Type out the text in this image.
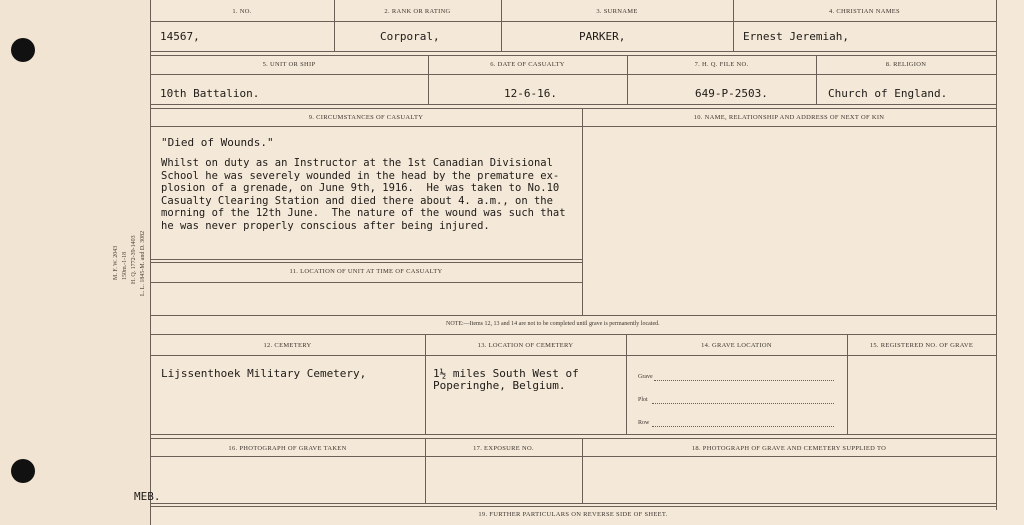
M. F. W. 2043 150m.-1-18 H. Q. 1772-39-1403 L. L. 1845-M. and D. 3082
1. NO.	2. RANK OR RATING	3. SURNAME	4. CHRISTIAN NAMES
14567,	Corporal,	PARKER,	Ernest Jeremiah,
5. UNIT OR SHIP	6. DATE OF CASUALTY	7. H. Q. FILE NO.	8. RELIGION
10th Battalion.	12-6-16.	649-P-2503.	Church of England.
9. CIRCUMSTANCES OF CASUALTY	10. NAME, RELATIONSHIP AND ADDRESS OF NEXT OF KIN
"Died of Wounds."
Whilst on duty as an Instructor at the 1st Canadian Divisional
School he was severely wounded in the head by the premature ex-
plosion of a grenade, on June 9th, 1916.  He was taken to No.10
Casualty Clearing Station and died there about 4. a.m., on the
morning of the 12th June.  The nature of the wound was such that
he was never properly conscious after being injured.
11. LOCATION OF UNIT AT TIME OF CASUALTY
NOTE:—Items 12, 13 and 14 are not to be completed until grave is permanently located.
12. CEMETERY	13. LOCATION OF CEMETERY	14. GRAVE LOCATION	15. REGISTERED NO. OF GRAVE
Lijssenthoek Military Cemetery,	1½ miles South West of
Poperinghe, Belgium.
Grave
Plot
Row
16. PHOTOGRAPH OF GRAVE TAKEN	17. EXPOSURE NO.	18. PHOTOGRAPH OF GRAVE AND CEMETERY SUPPLIED TO
MEB.
19. FURTHER PARTICULARS ON REVERSE SIDE OF SHEET.
